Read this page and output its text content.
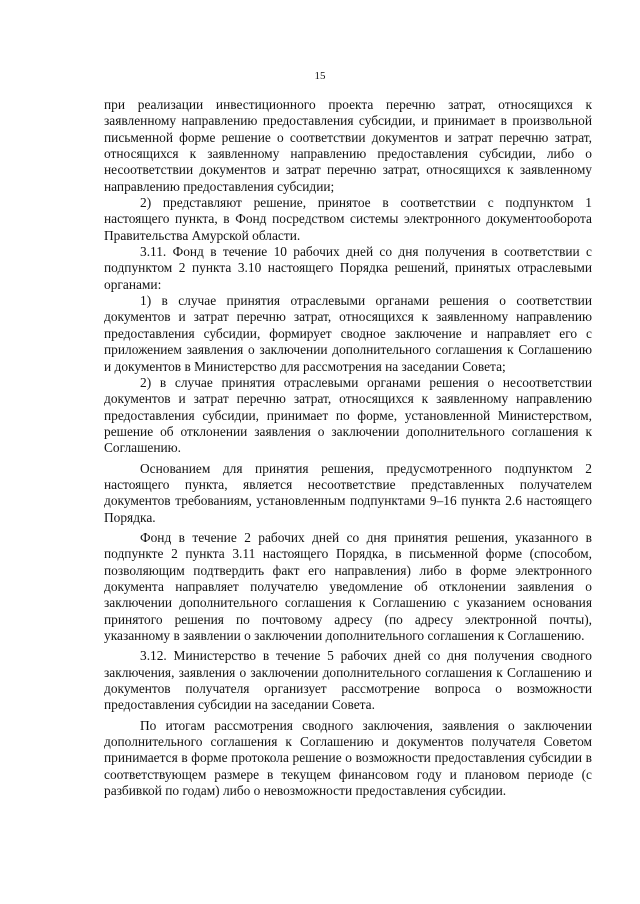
15

при реализации инвестиционного проекта перечню затрат, относящихся к заявленному направлению предоставления субсидии, и принимает в произвольной письменной форме решение о соответствии документов и затрат перечню затрат, относящихся к заявленному направлению предоставления субсидии, либо о несоответствии документов и затрат перечню затрат, относящихся к заявленному направлению предоставления субсидии;

2) представляют решение, принятое в соответствии с подпунктом 1 настоящего пункта, в Фонд посредством системы электронного документооборота Правительства Амурской области.

3.11. Фонд в течение 10 рабочих дней со дня получения в соответствии с подпунктом 2 пункта 3.10 настоящего Порядка решений, принятых отраслевыми органами:

1) в случае принятия отраслевыми органами решения о соответствии документов и затрат перечню затрат, относящихся к заявленному направлению предоставления субсидии, формирует сводное заключение и направляет его с приложением заявления о заключении дополнительного соглашения к Соглашению и документов в Министерство для рассмотрения на заседании Совета;

2) в случае принятия отраслевыми органами решения о несоответствии документов и затрат перечню затрат, относящихся к заявленному направлению предоставления субсидии, принимает по форме, установленной Министерством, решение об отклонении заявления о заключении дополнительного соглашения к Соглашению.

Основанием для принятия решения, предусмотренного подпунктом 2 настоящего пункта, является несоответствие представленных получателем документов требованиям, установленным подпунктами 9–16 пункта 2.6 настоящего Порядка.

Фонд в течение 2 рабочих дней со дня принятия решения, указанного в подпункте 2 пункта 3.11 настоящего Порядка, в письменной форме (способом, позволяющим подтвердить факт его направления) либо в форме электронного документа направляет получателю уведомление об отклонении заявления о заключении дополнительного соглашения к Соглашению с указанием основания принятого решения по почтовому адресу (по адресу электронной почты), указанному в заявлении о заключении дополнительного соглашения к Соглашению.

3.12. Министерство в течение 5 рабочих дней со дня получения сводного заключения, заявления о заключении дополнительного соглашения к Соглашению и документов получателя организует рассмотрение вопроса о возможности предоставления субсидии на заседании Совета.

По итогам рассмотрения сводного заключения, заявления о заключении дополнительного соглашения к Соглашению и документов получателя Советом принимается в форме протокола решение о возможности предоставления субсидии в соответствующем размере в текущем финансовом году и плановом периоде (с разбивкой по годам) либо о невозможности предоставления субсидии.
